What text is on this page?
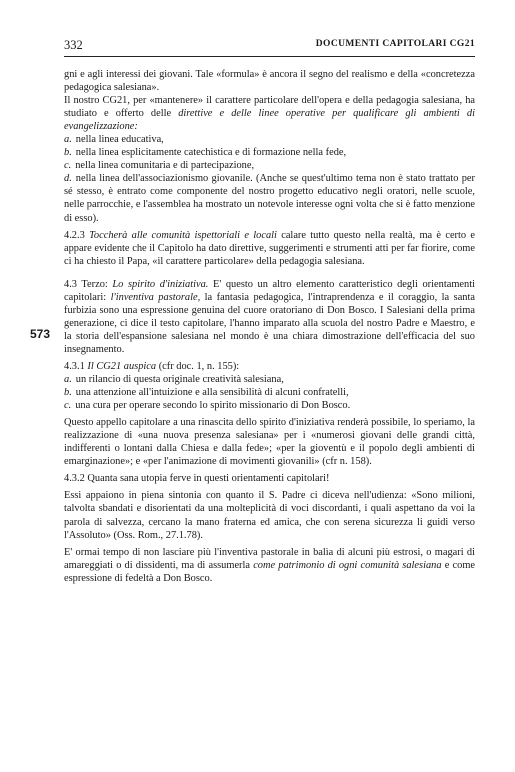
332	DOCUMENTI CAPITOLARI CG21
573

gni e agli interessi dei giovani. Tale «formula» è ancora il segno del realismo e della «concretezza pedagogica salesiana».

Il nostro CG21, per «mantenere» il carattere particolare dell'opera e della pedagogia salesiana, ha studiato e offerto delle direttive e delle linee operative per qualificare gli ambienti di evangelizzazione:

a. nella linea educativa,

b. nella linea esplicitamente catechistica e di formazione nella fede,

c. nella linea comunitaria e di partecipazione,

d. nella linea dell'associazionismo giovanile. (Anche se quest'ultimo tema non è stato trattato per sé stesso, è entrato come componente del nostro progetto educativo negli oratori, nelle scuole, nelle parrocchie, e l'assemblea ha mostrato un notevole interesse ogni volta che si è fatto menzione di esso).

4.2.3 Toccherà alle comunità ispettoriali e locali calare tutto questo nella realtà, ma è certo e appare evidente che il Capitolo ha dato direttive, suggerimenti e strumenti atti per far fiorire, come ci ha chiesto il Papa, «il carattere particolare» della pedagogia salesiana.

4.3 Terzo: Lo spirito d'iniziativa. E' questo un altro elemento caratteristico degli orientamenti capitolari: l'inventiva pastorale, la fantasia pedagogica, l'intraprendenza e il coraggio, la santa furbizia sono una espressione genuina del cuore oratoriano di Don Bosco. I Salesiani della prima generazione, ci dice il testo capitolare, l'hanno imparato alla scuola del nostro Padre e Maestro, e la storia dell'espansione salesiana nel mondo è una chiara dimostrazione dell'efficacia del suo insegnamento.

4.3.1 Il CG21 auspica (cfr doc. 1, n. 155):

a. un rilancio di questa originale creatività salesiana,

b. una attenzione all'intuizione e alla sensibilità di alcuni confratelli,

c. una cura per operare secondo lo spirito missionario di Don Bosco.

Questo appello capitolare a una rinascita dello spirito d'iniziativa renderà possibile, lo speriamo, la realizzazione di «una nuova presenza salesiana» per i «numerosi giovani delle grandi città, indifferenti o lontani dalla Chiesa e dalla fede»; «per la gioventù e il popolo degli ambienti di emarginazione»; e «per l'animazione di movimenti giovanili» (cfr n. 158).

4.3.2 Quanta sana utopia ferve in questi orientamenti capitolari!

Essi appaiono in piena sintonia con quanto il S. Padre ci diceva nell'udienza: «Sono milioni, talvolta sbandati e disorientati da una molteplicità di voci discordanti, i quali aspettano da voi la parola di salvezza, cercano la mano fraterna ed amica, che con serena sicurezza li guidi verso l'Assoluto» (Oss. Rom., 27.1.78).

E' ormai tempo di non lasciare più l'inventiva pastorale in balìa di alcuni più estrosi, o magari di amareggiati o di dissidenti, ma di assumerla come patrimonio di ogni comunità salesiana e come espressione di fedeltà a Don Bosco.
